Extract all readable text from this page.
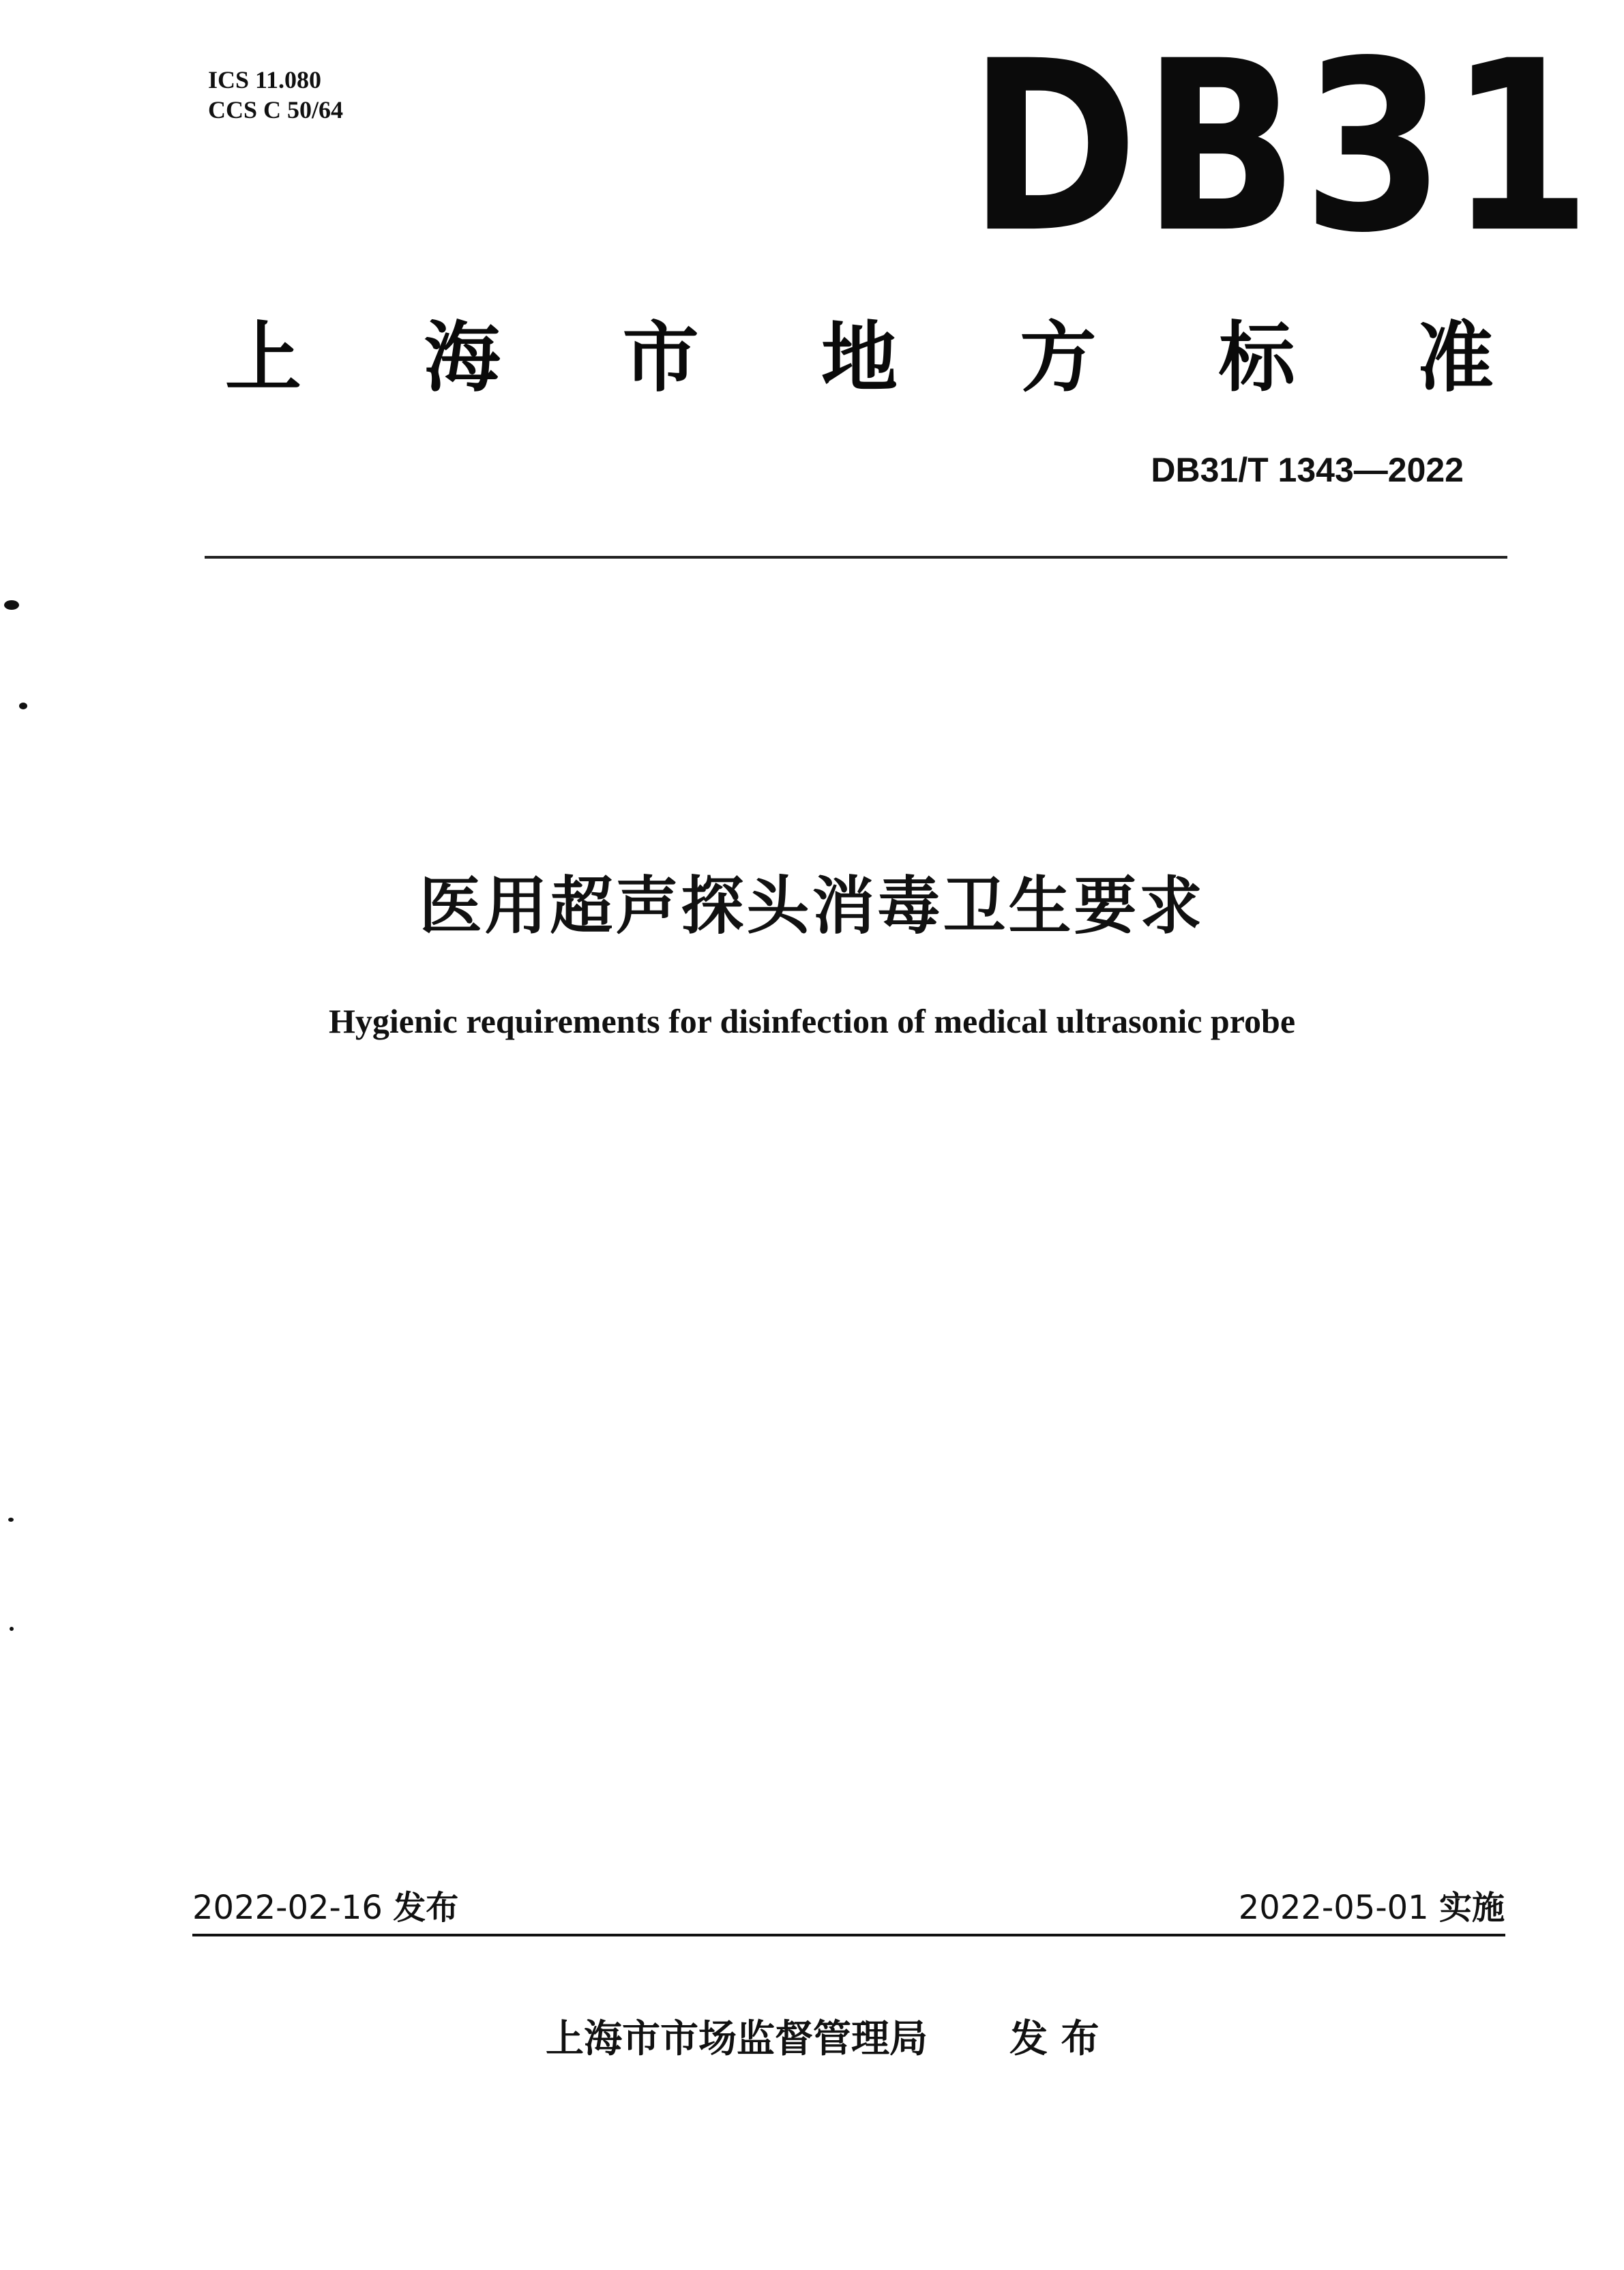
ICS 11.080
CCS C 50/64	DB31
上 海 市 地 方 标 准
DB31/T 1343—2022
医用超声探头消毒卫生要求
Hygienic requirements for disinfection of medical ultrasonic probe
2022-02-16 发布	2022-05-01 实施
上海市市场监督管理局 发 布
